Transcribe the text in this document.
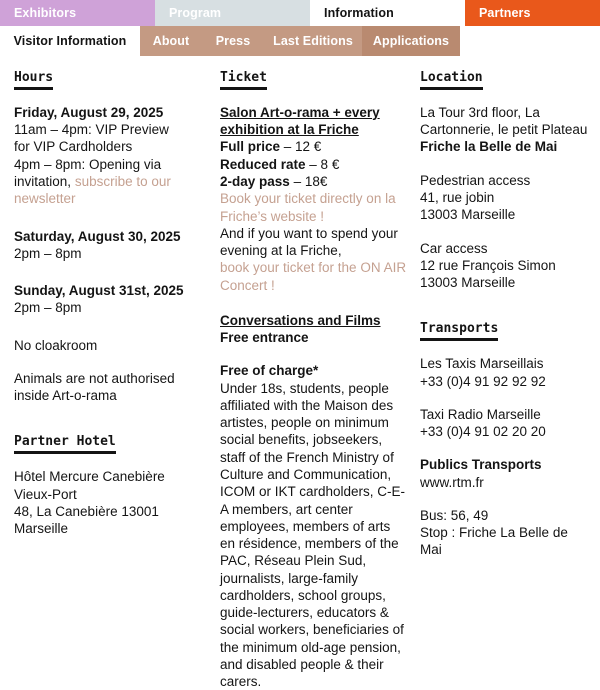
Exhibitors	Program	Information	Partners
Visitor Information About Press Last Editions Applications
Hours
Friday, August 29, 2025
11am – 4pm: VIP Preview
for VIP Cardholders
4pm – 8pm: Opening via
invitation, subscribe to our newsletter
Saturday, August 30, 2025
2pm – 8pm
Sunday, August 31st, 2025
2pm – 8pm
No cloakroom
Animals are not authorised inside Art-o-rama
Partner Hotel
Hôtel Mercure Canebière
Vieux-Port
48, La Canebière 13001
Marseille
Ticket
Salon Art-o-rama + every exhibition at la Friche
Full price – 12 €
Reduced rate – 8 €
2-day pass – 18€
Book your ticket directly on la Friche’s website !
And if you want to spend your evening at la Friche,
book your ticket for the ON AIR Concert !
Conversations and Films
Free entrance
Free of charge*
Under 18s, students, people affiliated with the Maison des artistes, people on minimum social benefits, jobseekers, staff of the French Ministry of Culture and Communication, ICOM or IKT cardholders, C-E-A members, art center employees, members of arts en résidence, members of the PAC, Réseau Plein Sud, journalists, large-family cardholders, school groups, guide-lecturers, educators & social workers, beneficiaries of the minimum old-age pension, and disabled people & their carers.
Location
La Tour 3rd floor, La
Cartonnerie, le petit Plateau
Friche la Belle de Mai
Pedestrian access
41, rue jobin
13003 Marseille
Car access
12 rue François Simon
13003 Marseille
Transports
Les Taxis Marseillais
+33 (0)4 91 92 92 92
Taxi Radio Marseille
+33 (0)4 91 02 20 20
Publics Transports
www.rtm.fr
Bus: 56, 49
Stop : Friche La Belle de Mai
